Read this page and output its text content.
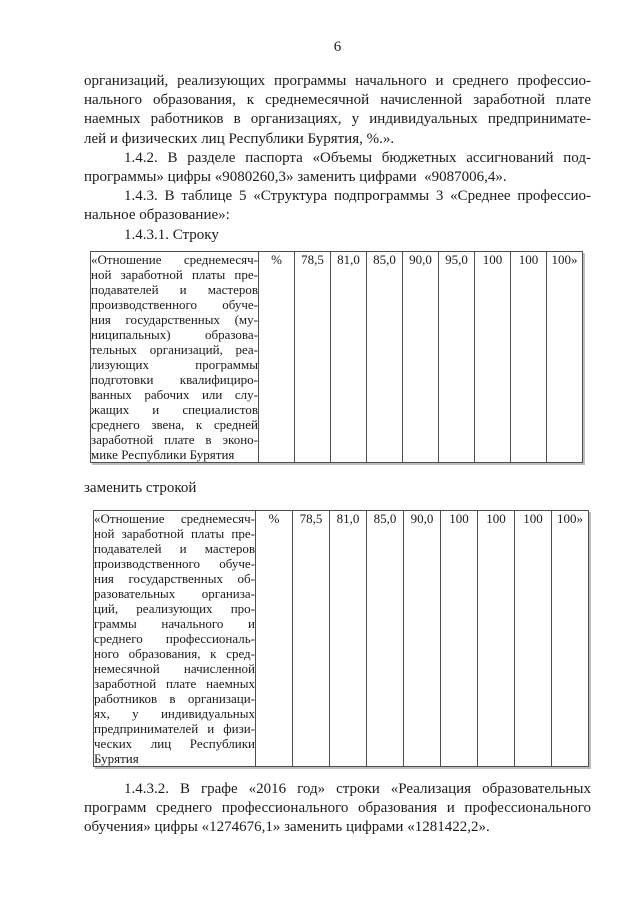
6
организаций, реализующих программы начального и среднего профессио-
нального образования, к среднемесячной начисленной заработной плате
наемных работников в организациях, у индивидуальных предпринимате-
лей и физических лиц Республики Бурятия, %.».
1.4.2. В разделе паспорта «Объемы бюджетных ассигнований под-
программы» цифры «9080260,3» заменить цифрами  «9087006,4».
1.4.3. В таблице 5 «Структура подпрограммы 3 «Среднее профессио-
нальное образование»:
1.4.3.1. Строку
«Отношение среднемесяч-
ной заработной платы пре-
подавателей и мастеров
производственного обуче-
ния государственных (му-
ниципальных) образова-
тельных организаций, реа-
лизующих программы
подготовки квалифициро-
ванных рабочих или слу-
жащих и специалистов
среднего звена, к средней
заработной плате в эконо-
мике Республики Бурятия
	%	78,5	81,0	85,0	90,0	95,0	100	100	100»
заменить строкой
«Отношение среднемесяч-
ной заработной платы пре-
подавателей и мастеров
производственного обуче-
ния государственных об-
разовательных организа-
ций, реализующих про-
граммы начального и
среднего профессиональ-
ного образования, к сред-
немесячной начисленной
заработной плате наемных
работников в организаци-
ях, у индивидуальных
предпринимателей и физи-
ческих лиц Республики
Бурятия
	%	78,5	81,0	85,0	90,0	100	100	100	100»
1.4.3.2. В графе «2016 год» строки «Реализация образовательных
программ среднего профессионального образования и профессионального
обучения» цифры «1274676,1» заменить цифрами «1281422,2».
